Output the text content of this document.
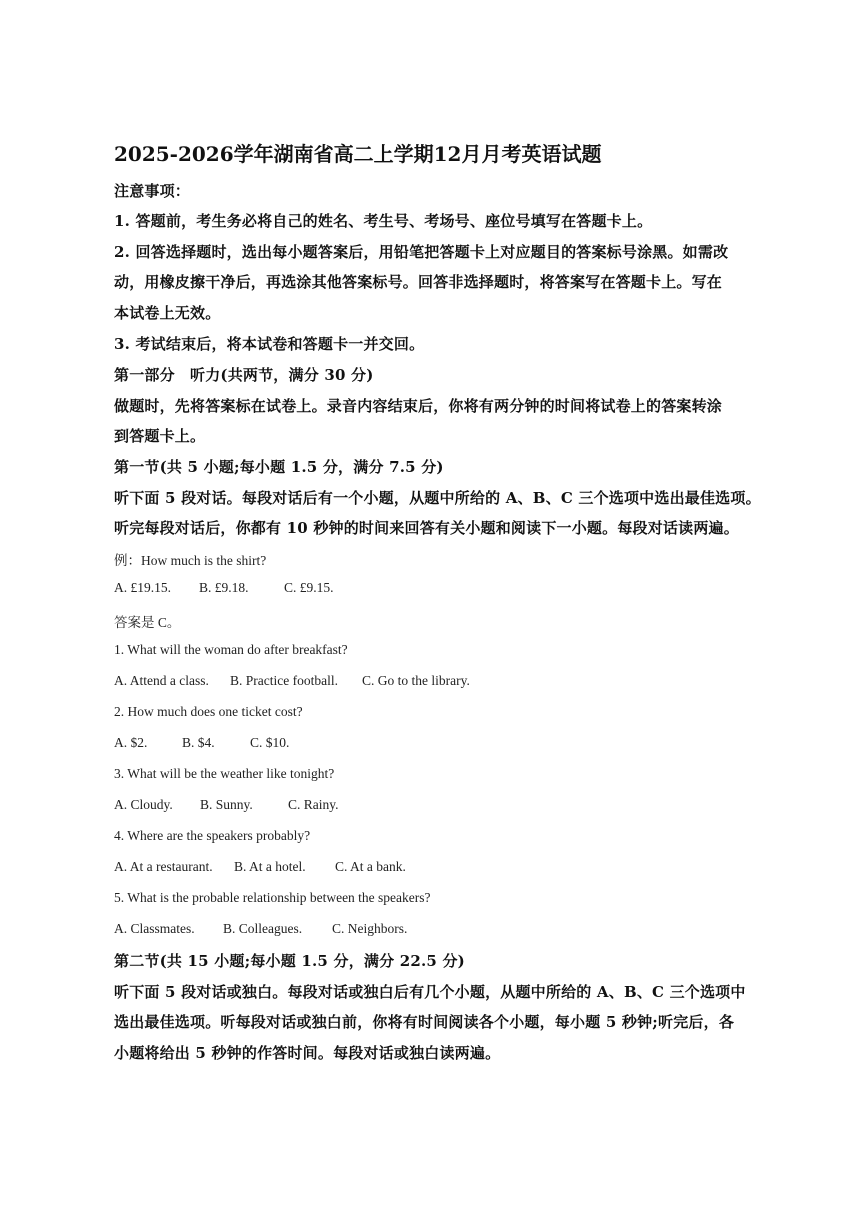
2025-2026学年湖南省高二上学期12月月考英语试题
注意事项：
1. 答题前，考生务必将自己的姓名、考生号、考场号、座位号填写在答题卡上。
2. 回答选择题时，选出每小题答案后，用铅笔把答题卡上对应题目的答案标号涂黑。如需改
动，用橡皮擦干净后，再选涂其他答案标号。回答非选择题时，将答案写在答题卡上。写在
本试卷上无效。
3. 考试结束后，将本试卷和答题卡一并交回。
第一部分　听力(共两节，满分 30 分)
做题时，先将答案标在试卷上。录音内容结束后，你将有两分钟的时间将试卷上的答案转涂
到答题卡上。
第一节(共 5 小题;每小题 1.5 分，满分 7.5 分)
听下面 5 段对话。每段对话后有一个小题，从题中所给的 A、B、C 三个选项中选出最佳选项。
听完每段对话后，你都有 10 秒钟的时间来回答有关小题和阅读下一小题。每段对话读两遍。
例：How much is the shirt?
A. £19.15. B. £9.18.	C. £9.15.
答案是 C。
1. What will the woman do after breakfast?
A. Attend a class. B. Practice football. C. Go to the library.
2. How much does one ticket cost?
A. $2.	B. $4.	C. $10.
3. What will be the weather like tonight?
A. Cloudy. B. Sunny.	C. Rainy.
4. Where are the speakers probably?
A. At a restaurant. B. At a hotel. C. At a bank.
5. What is the probable relationship between the speakers?
A. Classmates. B. Colleagues. C. Neighbors.
第二节(共 15 小题;每小题 1.5 分，满分 22.5 分)
听下面 5 段对话或独白。每段对话或独白后有几个小题，从题中所给的 A、B、C 三个选项中
选出最佳选项。听每段对话或独白前，你将有时间阅读各个小题，每小题 5 秒钟;听完后，各
小题将给出 5 秒钟的作答时间。每段对话或独白读两遍。
